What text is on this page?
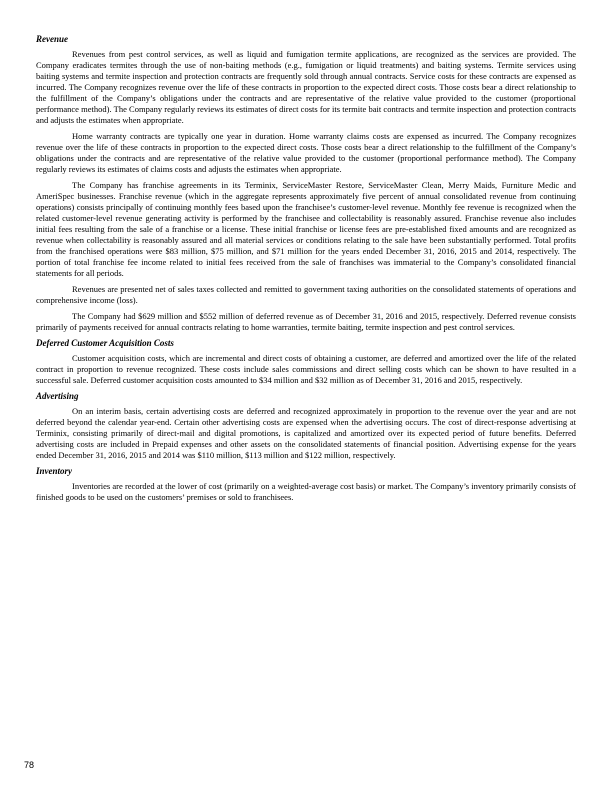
Revenue

Revenues from pest control services, as well as liquid and fumigation termite applications, are recognized as the services are provided. The Company eradicates termites through the use of non-baiting methods (e.g., fumigation or liquid treatments) and baiting systems. Termite services using baiting systems and termite inspection and protection contracts are frequently sold through annual contracts. Service costs for these contracts are expensed as incurred. The Company recognizes revenue over the life of these contracts in proportion to the expected direct costs. Those costs bear a direct relationship to the fulfillment of the Company’s obligations under the contracts and are representative of the relative value provided to the customer (proportional performance method). The Company regularly reviews its estimates of direct costs for its termite bait contracts and termite inspection and protection contracts and adjusts the estimates when appropriate.

Home warranty contracts are typically one year in duration. Home warranty claims costs are expensed as incurred. The Company recognizes revenue over the life of these contracts in proportion to the expected direct costs. Those costs bear a direct relationship to the fulfillment of the Company’s obligations under the contracts and are representative of the relative value provided to the customer (proportional performance method). The Company regularly reviews its estimates of claims costs and adjusts the estimates when appropriate.

The Company has franchise agreements in its Terminix, ServiceMaster Restore, ServiceMaster Clean, Merry Maids, Furniture Medic and AmeriSpec businesses. Franchise revenue (which in the aggregate represents approximately five percent of annual consolidated revenue from continuing operations) consists principally of continuing monthly fees based upon the franchisee’s customer-level revenue. Monthly fee revenue is recognized when the related customer-level revenue generating activity is performed by the franchisee and collectability is reasonably assured. Franchise revenue also includes initial fees resulting from the sale of a franchise or a license. These initial franchise or license fees are pre-established fixed amounts and are recognized as revenue when collectability is reasonably assured and all material services or conditions relating to the sale have been substantially performed. Total profits from the franchised operations were $83 million, $75 million, and $71 million for the years ended December 31, 2016, 2015 and 2014, respectively. The portion of total franchise fee income related to initial fees received from the sale of franchises was immaterial to the Company’s consolidated financial statements for all periods.

Revenues are presented net of sales taxes collected and remitted to government taxing authorities on the consolidated statements of operations and comprehensive income (loss).

The Company had $629 million and $552 million of deferred revenue as of December 31, 2016 and 2015, respectively. Deferred revenue consists primarily of payments received for annual contracts relating to home warranties, termite baiting, termite inspection and pest control services.

Deferred Customer Acquisition Costs

Customer acquisition costs, which are incremental and direct costs of obtaining a customer, are deferred and amortized over the life of the related contract in proportion to revenue recognized. These costs include sales commissions and direct selling costs which can be shown to have resulted in a successful sale. Deferred customer acquisition costs amounted to $34 million and $32 million as of December 31, 2016 and 2015, respectively.

Advertising

On an interim basis, certain advertising costs are deferred and recognized approximately in proportion to the revenue over the year and are not deferred beyond the calendar year-end. Certain other advertising costs are expensed when the advertising occurs. The cost of direct-response advertising at Terminix, consisting primarily of direct-mail and digital promotions, is capitalized and amortized over its expected period of future benefits. Deferred advertising costs are included in Prepaid expenses and other assets on the consolidated statements of financial position. Advertising expense for the years ended December 31, 2016, 2015 and 2014 was $110 million, $113 million and $122 million, respectively.

Inventory

Inventories are recorded at the lower of cost (primarily on a weighted-average cost basis) or market. The Company’s inventory primarily consists of finished goods to be used on the customers’ premises or sold to franchisees.

78
